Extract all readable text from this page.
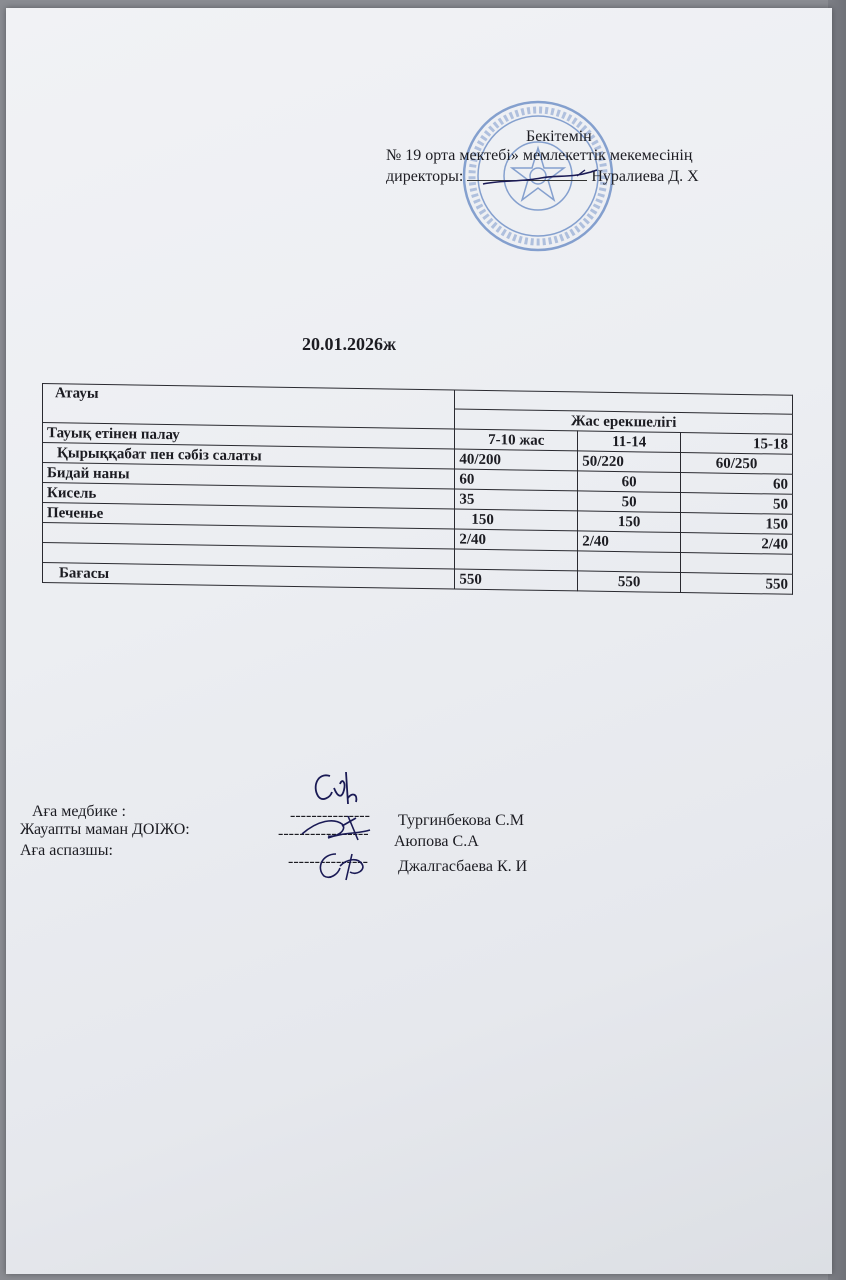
Бекітемін
№ 19 орта мектебі» мемлекеттік мекемесінің
директоры:	Нуралиева Д. Х
20.01.2026ж
Атауы			
	Жас ерекшелігі		
Тауық етінен палау	7-10 жас	11-14	15-18
Қырыққабат пен сәбіз салаты	40/200	50/220	60/250
Бидай наны	60	60	60
Кисель	35	50	50
Печенье	150	150	150
	2/40	2/40	2/40

Бағасы	550	550	550
Аға медбике :	--------------- Тургинбекова С.М
Жауапты маман ДОІЖО:	----------------- Аюпова С.А
Аға аспазшы:
--------------- Джалгасбаева К. И
